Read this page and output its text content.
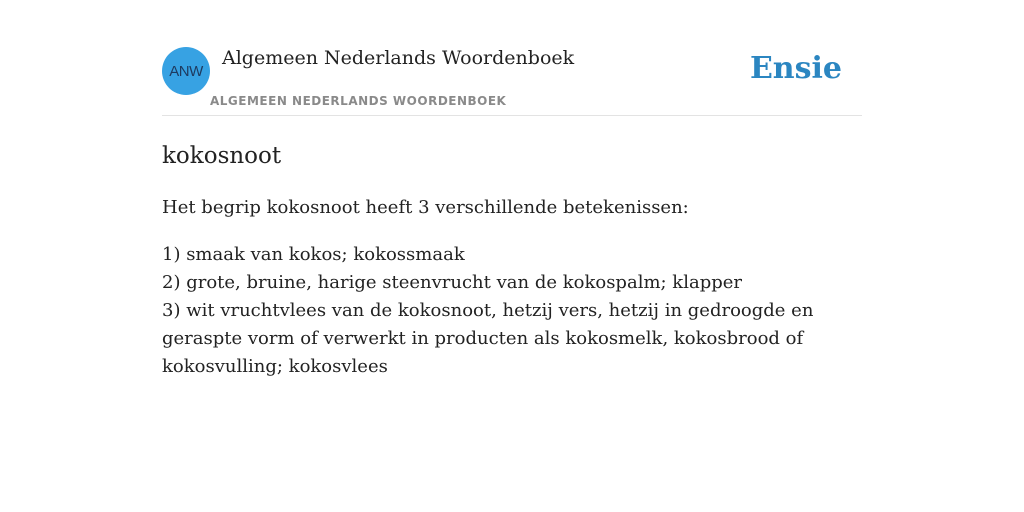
ANW
Algemeen Nederlands Woordenboek
ALGEMEEN NEDERLANDS WOORDENBOEK
Ensie
kokosnoot

Het begrip kokosnoot heeft 3 verschillende betekenissen:

1) smaak van kokos; kokossmaak
2) grote, bruine, harige steenvrucht van de kokospalm; klapper
3) wit vruchtvlees van de kokosnoot, hetzij vers, hetzij in gedroogde en geraspte vorm of verwerkt in producten als kokosmelk, kokosbrood of kokosvulling; kokosvlees
